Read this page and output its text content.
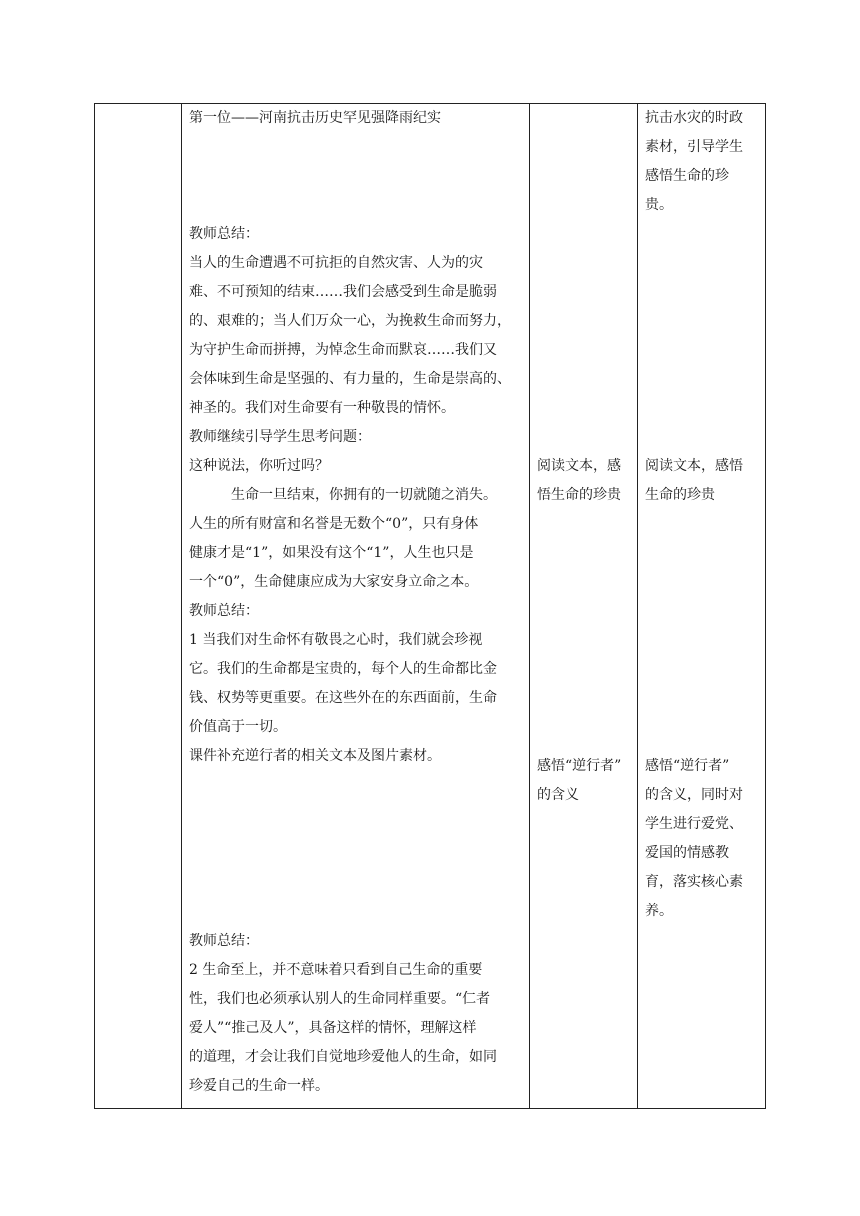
第一位——河南抗击历史罕见强降雨纪实

教师总结：

当人的生命遭遇不可抗拒的自然灾害、人为的灾

难、不可预知的结束……我们会感受到生命是脆弱

的、艰难的；当人们万众一心，为挽救生命而努力，

为守护生命而拼搏，为悼念生命而默哀……我们又

会体味到生命是坚强的、有力量的，生命是崇高的、

神圣的。我们对生命要有一种敬畏的情怀。

教师继续引导学生思考问题：

这种说法，你听过吗？

生命一旦结束，你拥有的一切就随之消失。

人生的所有财富和名誉是无数个“0”，只有身体

健康才是“1”，如果没有这个“1”，人生也只是

一个“0”，生命健康应成为大家安身立命之本。

教师总结：

1 当我们对生命怀有敬畏之心时，我们就会珍视

它。我们的生命都是宝贵的，每个人的生命都比金

钱、权势等更重要。在这些外在的东西面前，生命

价值高于一切。

课件补充逆行者的相关文本及图片素材。

教师总结：

2 生命至上，并不意味着只看到自己生命的重要

性，我们也必须承认别人的生命同样重要。“仁者

爱人”“推己及人”，具备这样的情怀，理解这样

的道理，才会让我们自觉地珍爱他人的生命，如同

珍爱自己的生命一样。

阅读文本，感

悟生命的珍贵

感悟“逆行者”

的含义

抗击水灾的时政

素材，引导学生

感悟生命的珍

贵。

阅读文本，感悟

生命的珍贵

感悟“逆行者”

的含义，同时对

学生进行爱党、

爱国的情感教

育，落实核心素

养。
